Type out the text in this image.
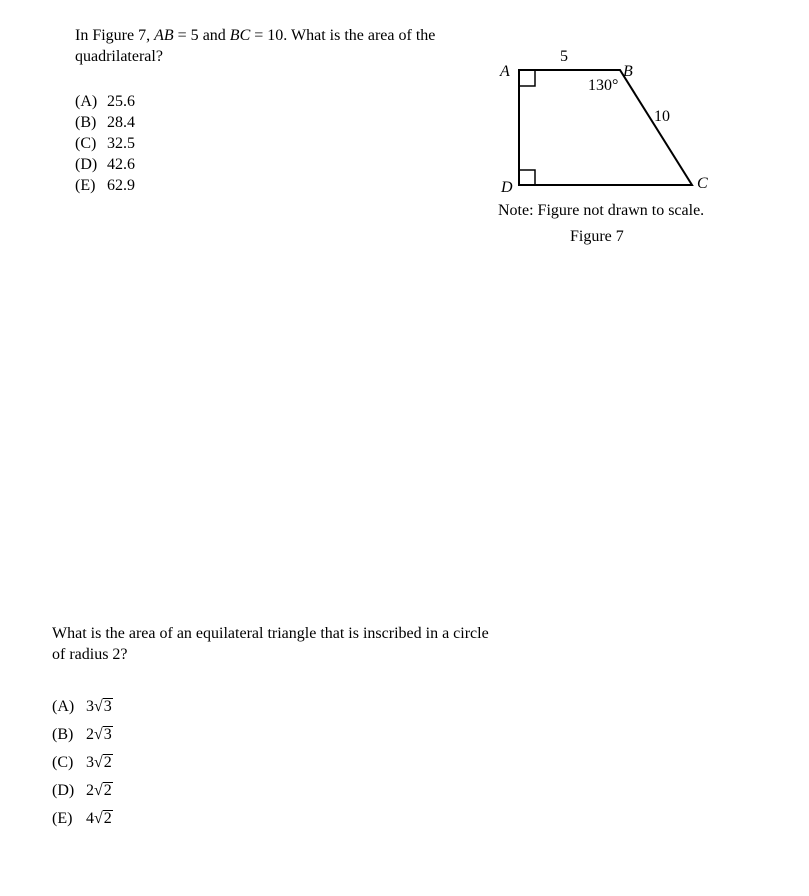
In Figure 7, AB = 5 and BC = 10. What is the area of the quadrilateral?
(A) 25.6
(B) 28.4
(C) 32.5
(D) 42.6
(E) 62.9
A	B
C
D
5
10
130°
Note: Figure not drawn to scale.
Figure 7
What is the area of an equilateral triangle that is inscribed in a circle of radius 2?
(A) 3√3
(B) 2√3
(C) 3√2
(D) 2√2
(E) 4√2
